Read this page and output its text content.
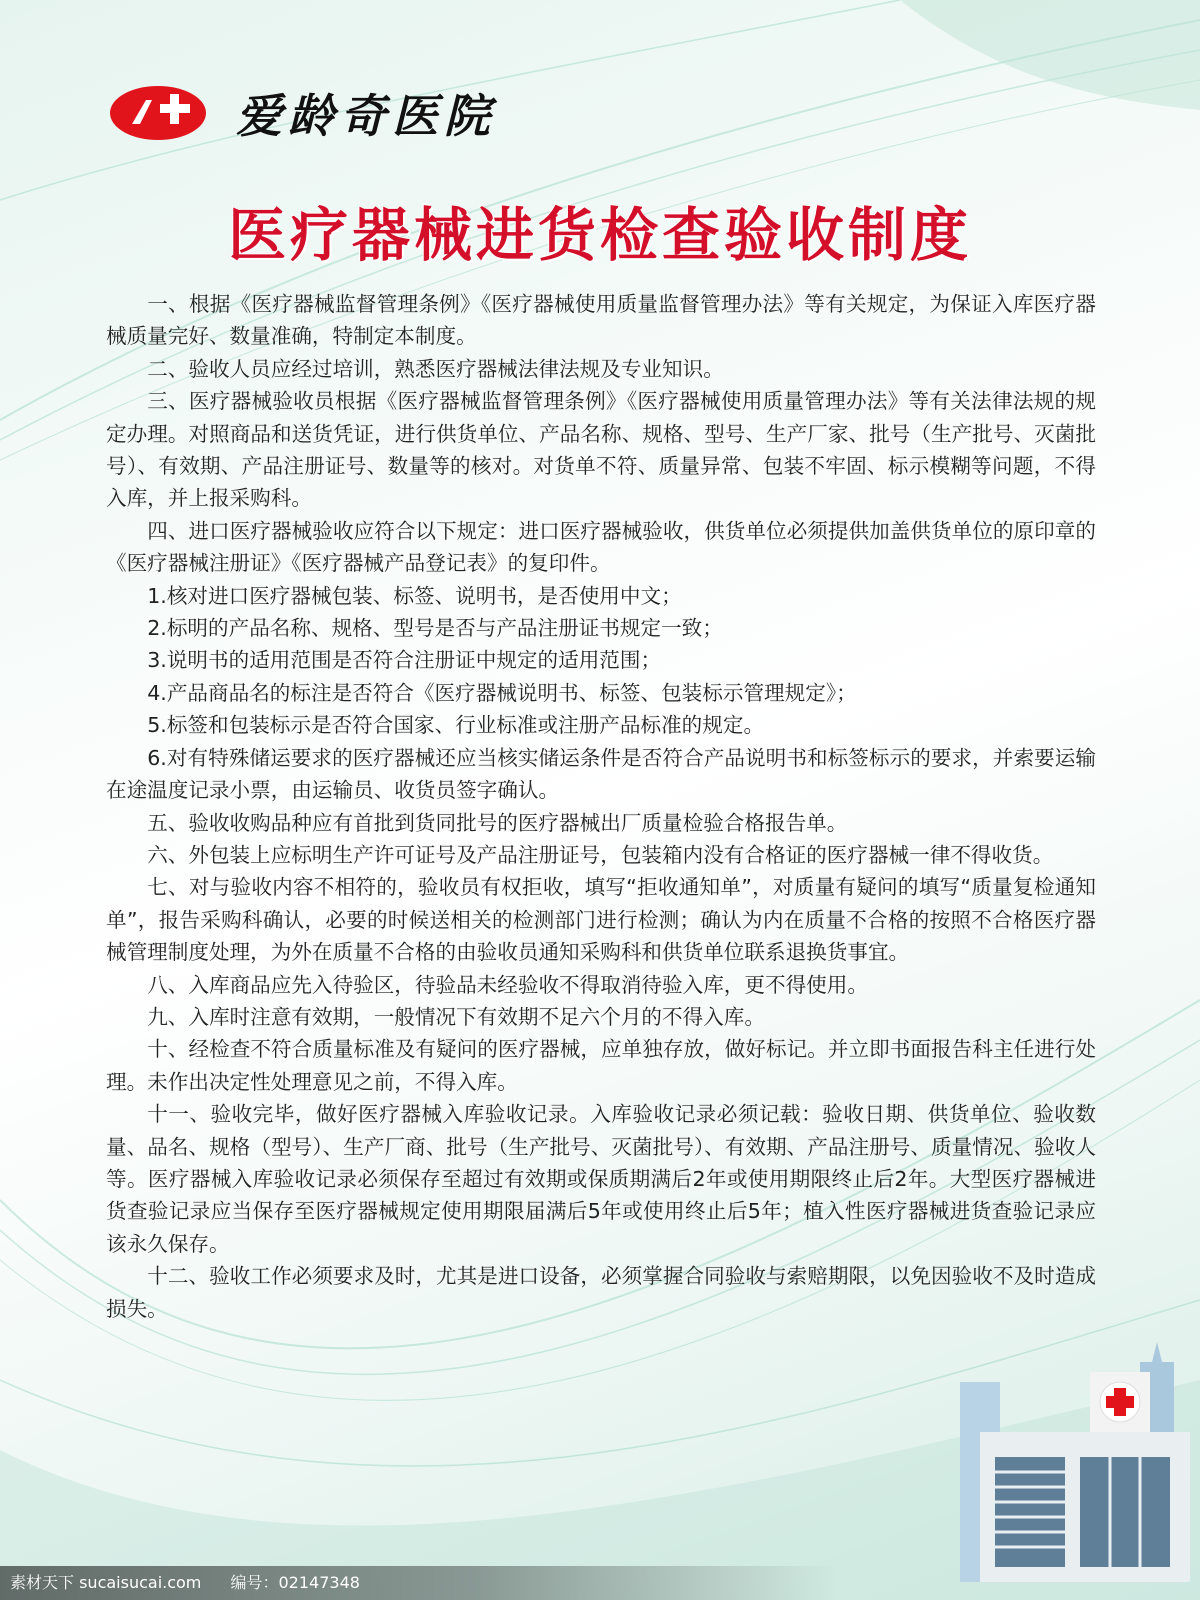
爱龄奇医院
医疗器械进货检查验收制度

一、根据《医疗器械监督管理条例》《医疗器械使用质量监督管理办法》等有关规定，为保证入库医疗器械质量完好、数量准确，特制定本制度。

二、验收人员应经过培训，熟悉医疗器械法律法规及专业知识。

三、医疗器械验收员根据《医疗器械监督管理条例》《医疗器械使用质量管理办法》等有关法律法规的规定办理。对照商品和送货凭证，进行供货单位、产品名称、规格、型号、生产厂家、批号（生产批号、灭菌批号）、有效期、产品注册证号、数量等的核对。对货单不符、质量异常、包装不牢固、标示模糊等问题，不得入库，并上报采购科。

四、进口医疗器械验收应符合以下规定：进口医疗器械验收，供货单位必须提供加盖供货单位的原印章的《医疗器械注册证》《医疗器械产品登记表》的复印件。

1.核对进口医疗器械包装、标签、说明书，是否使用中文；

2.标明的产品名称、规格、型号是否与产品注册证书规定一致；

3.说明书的适用范围是否符合注册证中规定的适用范围；

4.产品商品名的标注是否符合《医疗器械说明书、标签、包装标示管理规定》；

5.标签和包装标示是否符合国家、行业标准或注册产品标准的规定。

6.对有特殊储运要求的医疗器械还应当核实储运条件是否符合产品说明书和标签标示的要求，并索要运输在途温度记录小票，由运输员、收货员签字确认。

五、验收收购品种应有首批到货同批号的医疗器械出厂质量检验合格报告单。

六、外包装上应标明生产许可证号及产品注册证号，包装箱内没有合格证的医疗器械一律不得收货。

七、对与验收内容不相符的，验收员有权拒收，填写“拒收通知单”，对质量有疑问的填写“质量复检通知单”，报告采购科确认，必要的时候送相关的检测部门进行检测；确认为内在质量不合格的按照不合格医疗器械管理制度处理，为外在质量不合格的由验收员通知采购科和供货单位联系退换货事宜。

八、入库商品应先入待验区，待验品未经验收不得取消待验入库，更不得使用。

九、入库时注意有效期，一般情况下有效期不足六个月的不得入库。

十、经检查不符合质量标准及有疑问的医疗器械，应单独存放，做好标记。并立即书面报告科主任进行处理。未作出决定性处理意见之前，不得入库。

十一、验收完毕，做好医疗器械入库验收记录。入库验收记录必须记载：验收日期、供货单位、验收数量、品名、规格（型号）、生产厂商、批号（生产批号、灭菌批号）、有效期、产品注册号、质量情况、验收人等。医疗器械入库验收记录必须保存至超过有效期或保质期满后2年或使用期限终止后2年。大型医疗器械进货查验记录应当保存至医疗器械规定使用期限届满后5年或使用终止后5年；植入性医疗器械进货查验记录应该永久保存。

十二、验收工作必须要求及时，尤其是进口设备，必须掌握合同验收与索赔期限，以免因验收不及时造成损失。

素材天下 sucaisucai.com 编号：02147348
